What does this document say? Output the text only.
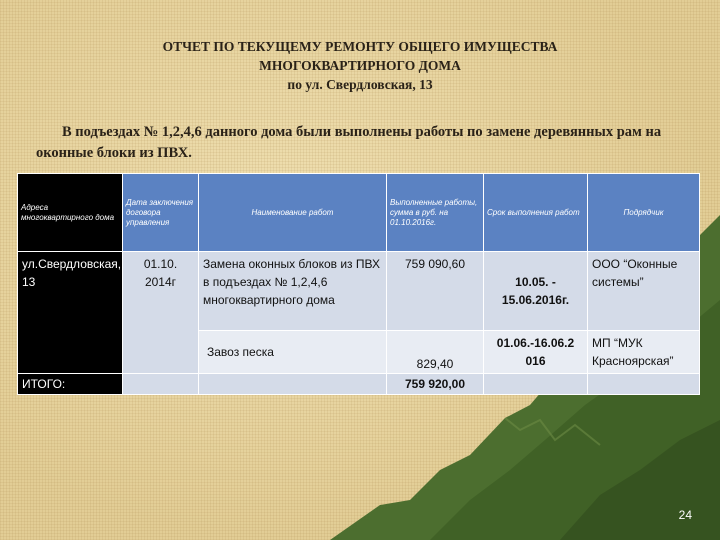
ОТЧЕТ ПО ТЕКУЩЕМУ РЕМОНТУ ОБЩЕГО ИМУЩЕСТВА
МНОГОКВАРТИРНОГО ДОМА
по ул. Свердловская, 13
В подъездах № 1,2,4,6 данного дома были выполнены работы по замене деревянных рам на оконные блоки из ПВХ.
Адреса многоквартирного дома	Дата заключения договора управления	Наименование работ	Выполненные работы, сумма в руб. на 01.10.2016г.	Срок выполнения работ	Подрядчик
ул.Свердловская, 13	01.10. 2014г	Замена оконных блоков из ПВХ в подъездах № 1,2,4,6 многоквартирного дома	759 090,60	10.05. - 15.06.2016г.	ООО “Оконные системы”
		Завоз песка	829,40	01.06.-16.06.2 016	МП “МУК Красноярская”
ИТОГО:			759 920,00		
24
